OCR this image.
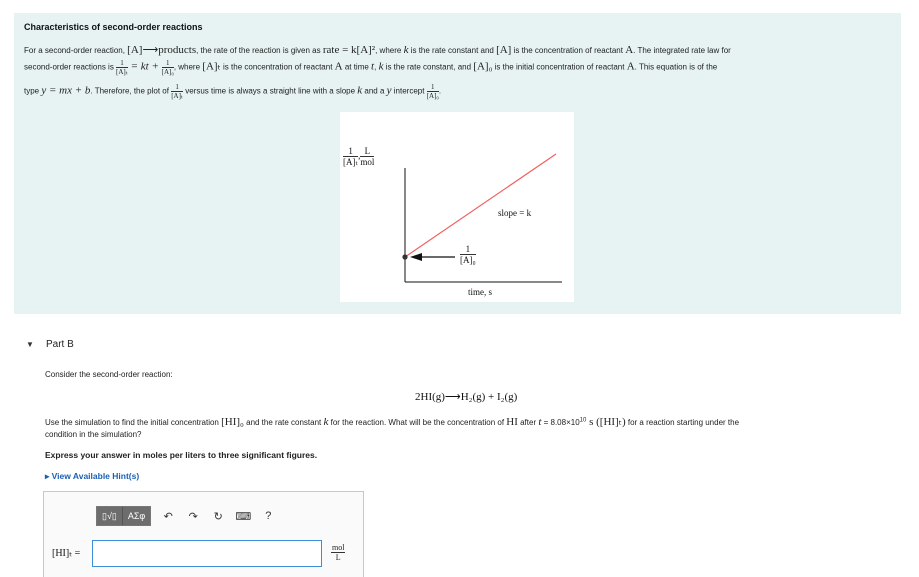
Characteristics of second-order reactions
For a second-order reaction, [A]⟶products, the rate of the reaction is given as rate = k[A]², where k is the rate constant and [A] is the concentration of reactant A. The integrated rate law for
second-order reactions is $\frac{1}{\text{[A]ₜ}}$ = kt + $\frac{1}{\text{[A]₀}}$ , where [A]ₜ is the concentration of reactant A at time t, k is the rate constant, and [A]₀ is the initial concentration of reactant A. This equation is of the
type y = mx + b. Therefore, the plot of $\frac{1}{\text{[A]ₜ}}$ versus time is always a straight line with a slope k and a y intercept $\frac{1}{\text{[A]₀}}$ .
$\frac{1}{\text{[A]ₜ}}$ , $\frac{L}{\text{mol}}$
slope = k
$\frac{1}{\text{[A]₀}}$
time, s
▼ Part B
Consider the second-order reaction:
2HI(g)⟶H₂(g) + I₂(g)
Use the simulation to find the initial concentration [HI]₀ and the rate constant k for the reaction. What will be the concentration of HI after $t = 8.08\times 10^{10}$ s ([HI]ₜ) for a reaction starting under the
condition in the simulation?
Express your answer in moles per liters to three significant figures.
▸ View Available Hint(s)
▯√▯	ΑΣφ	↶	↷	↻	⌨	?
[HI]ₜ =	$\frac{\text{mol}}{L}$
